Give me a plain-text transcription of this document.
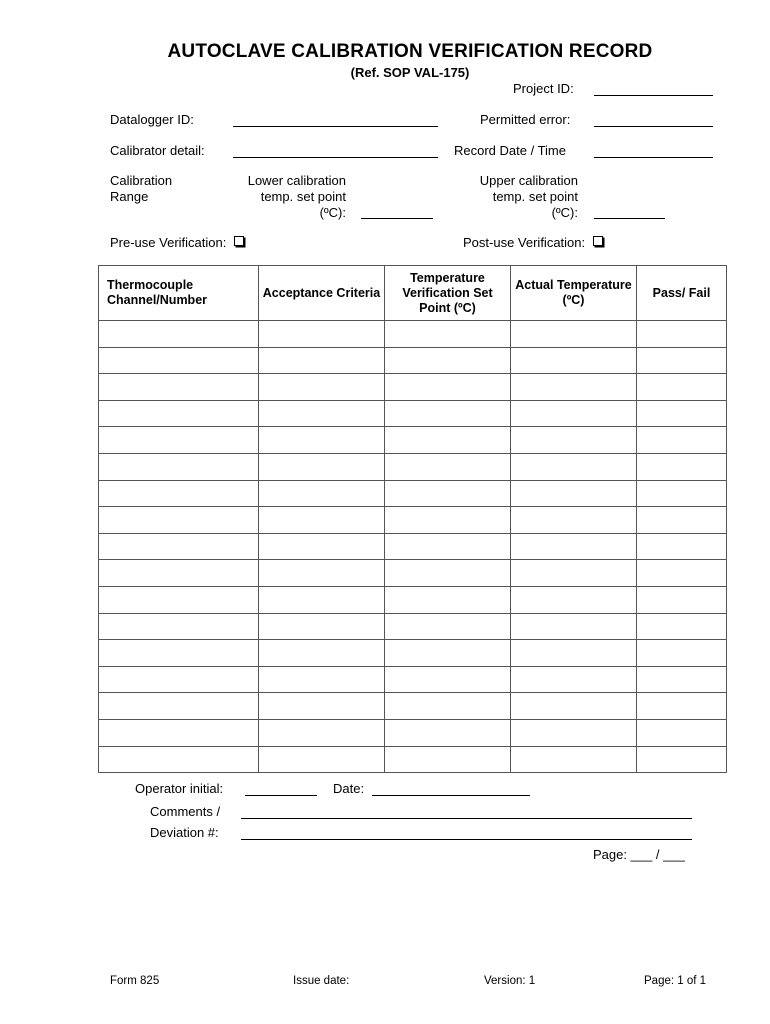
AUTOCLAVE CALIBRATION VERIFICATION RECORD
(Ref. SOP VAL-175)
Project ID:
Datalogger ID:	Permitted error:
Calibrator detail:	Record Date / Time
Calibration
Range
Lower calibration
temp. set point
(ºC):
Upper calibration
temp. set point
(ºC):
Pre-use Verification:	Post-use Verification:
Thermocouple Channel/Number	Acceptance Criteria	Temperature Verification Set Point (ºC)	Actual Temperature (ºC)	Pass/ Fail

Operator initial:	Date:
Comments /
Deviation #:
Page: ___ / ___
Form 825	Issue date:	Version: 1	Page: 1 of 1
